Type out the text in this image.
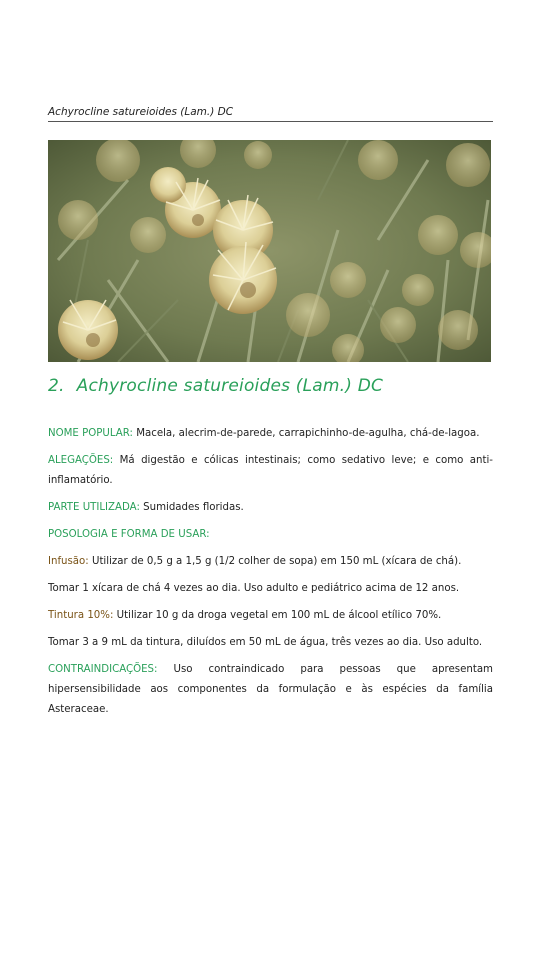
Achyrocline satureioides (Lam.) DC
2. Achyrocline satureioides (Lam.) DC

NOME POPULAR: Macela, alecrim-de-parede, carrapichinho-de-agulha, chá-de-lagoa.

ALEGAÇÕES: Má digestão e cólicas intestinais; como sedativo leve; e como anti-inflamatório.

PARTE UTILIZADA: Sumidades floridas.

POSOLOGIA E FORMA DE USAR:

Infusão: Utilizar de 0,5 g a 1,5 g (1/2 colher de sopa) em 150 mL (xícara de chá).

Tomar 1 xícara de chá 4 vezes ao dia. Uso adulto e pediátrico acima de 12 anos.

Tintura 10%: Utilizar 10 g da droga vegetal em 100 mL de álcool etílico 70%.

Tomar 3 a 9 mL da tintura, diluídos em 50 mL de água, três vezes ao dia. Uso adulto.

CONTRAINDICAÇÕES: Uso contraindicado para pessoas que apresentam hipersensibilidade aos componentes da formulação e às espécies da família Asteraceae.
